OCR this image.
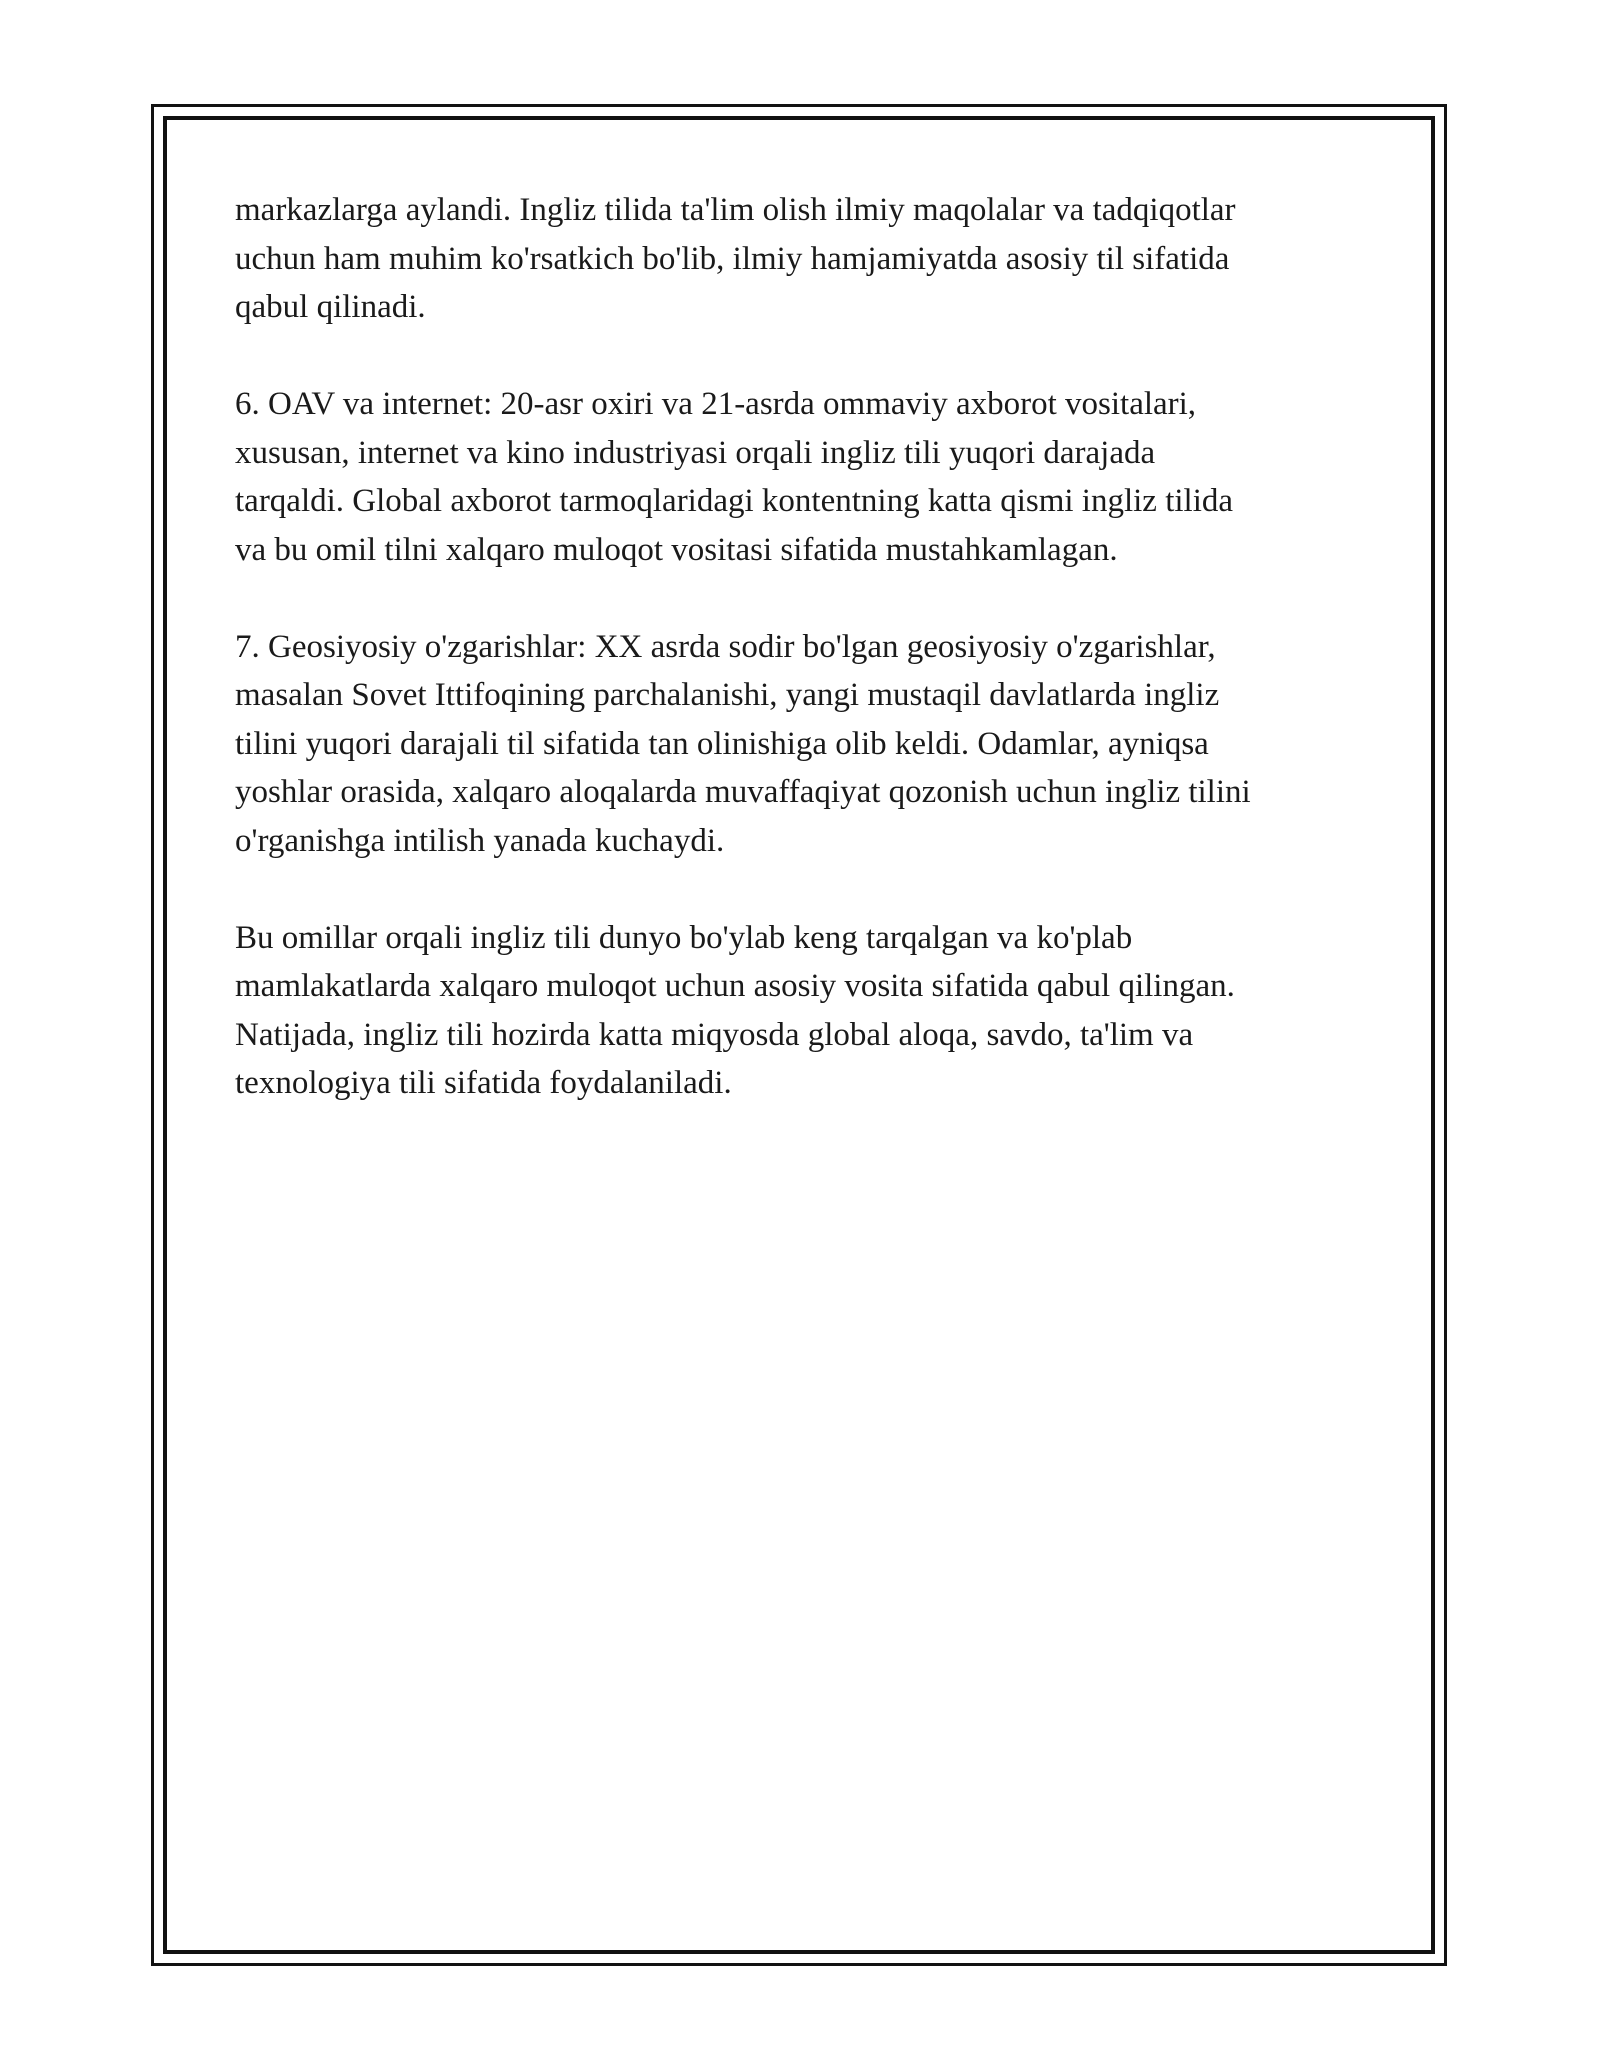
markazlarga aylandi. Ingliz tilida ta'lim olish ilmiy maqolalar va tadqiqotlar
uchun ham muhim ko'rsatkich bo'lib, ilmiy hamjamiyatda asosiy til sifatida
qabul qilinadi.

6. OAV va internet: 20-asr oxiri va 21-asrda ommaviy axborot vositalari,
xususan, internet va kino industriyasi orqali ingliz tili yuqori darajada
tarqaldi. Global axborot tarmoqlaridagi kontentning katta qismi ingliz tilida
va bu omil tilni xalqaro muloqot vositasi sifatida mustahkamlagan.

7. Geosiyosiy o'zgarishlar: XX asrda sodir bo'lgan geosiyosiy o'zgarishlar,
masalan Sovet Ittifoqining parchalanishi, yangi mustaqil davlatlarda ingliz
tilini yuqori darajali til sifatida tan olinishiga olib keldi. Odamlar, ayniqsa
yoshlar orasida, xalqaro aloqalarda muvaffaqiyat qozonish uchun ingliz tilini
o'rganishga intilish yanada kuchaydi.

Bu omillar orqali ingliz tili dunyo bo'ylab keng tarqalgan va ko'plab
mamlakatlarda xalqaro muloqot uchun asosiy vosita sifatida qabul qilingan.
Natijada, ingliz tili hozirda katta miqyosda global aloqa, savdo, ta'lim va
texnologiya tili sifatida foydalaniladi.
